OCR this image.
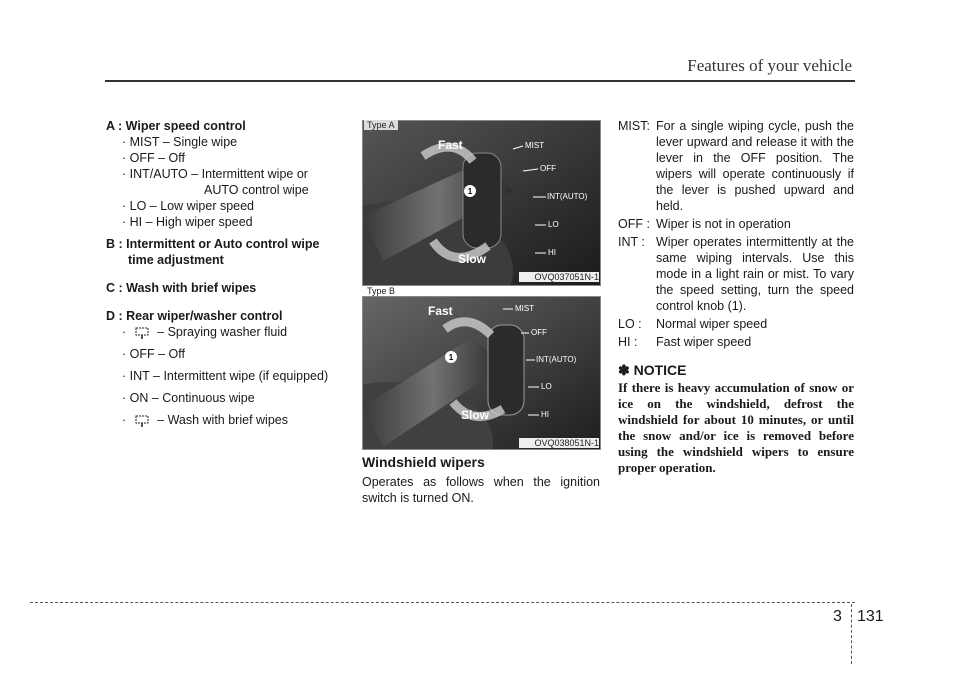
Features of your vehicle
A : Wiper speed control
· MIST – Single wipe
· OFF – Off
· INT/AUTO – Intermittent wipe or
AUTO control wipe
· LO – Low wiper speed
· HI – High wiper speed
B : Intermittent or Auto control wipe
time adjustment
C : Wash with brief wipes
D : Rear wiper/washer control
· – Spraying washer fluid
· OFF – Off
· INT – Intermittent wipe (if equipped)
· ON – Continuous wipe
· – Wash with brief wipes
1
Fast
Slow
MIST
OFF
INT(AUTO)
LO
HI
Type A
OVQ037051N-1
Type B
1
Fast
Slow
MIST
OFF
INT(AUTO)
LO
HI
OVQ038051N-1
Windshield wipers
Operates as follows when the ignition switch is turned ON.
MIST: For a single wiping cycle, push the lever upward and release it with the lever in the OFF position. The wipers will operate continuously if the lever is pushed upward and held.
OFF : Wiper is not in operation
INT : Wiper operates intermittently at the same wiping intervals. Use this mode in a light rain or mist. To vary the speed setting, turn the speed control knob (1).
LO :	Normal wiper speed
HI :	Fast wiper speed
✽ NOTICE
If there is heavy accumulation of snow or ice on the windshield, defrost the windshield for about 10 minutes, or until the snow and/or ice is removed before using the windshield wipers to ensure proper operation.
3 131
